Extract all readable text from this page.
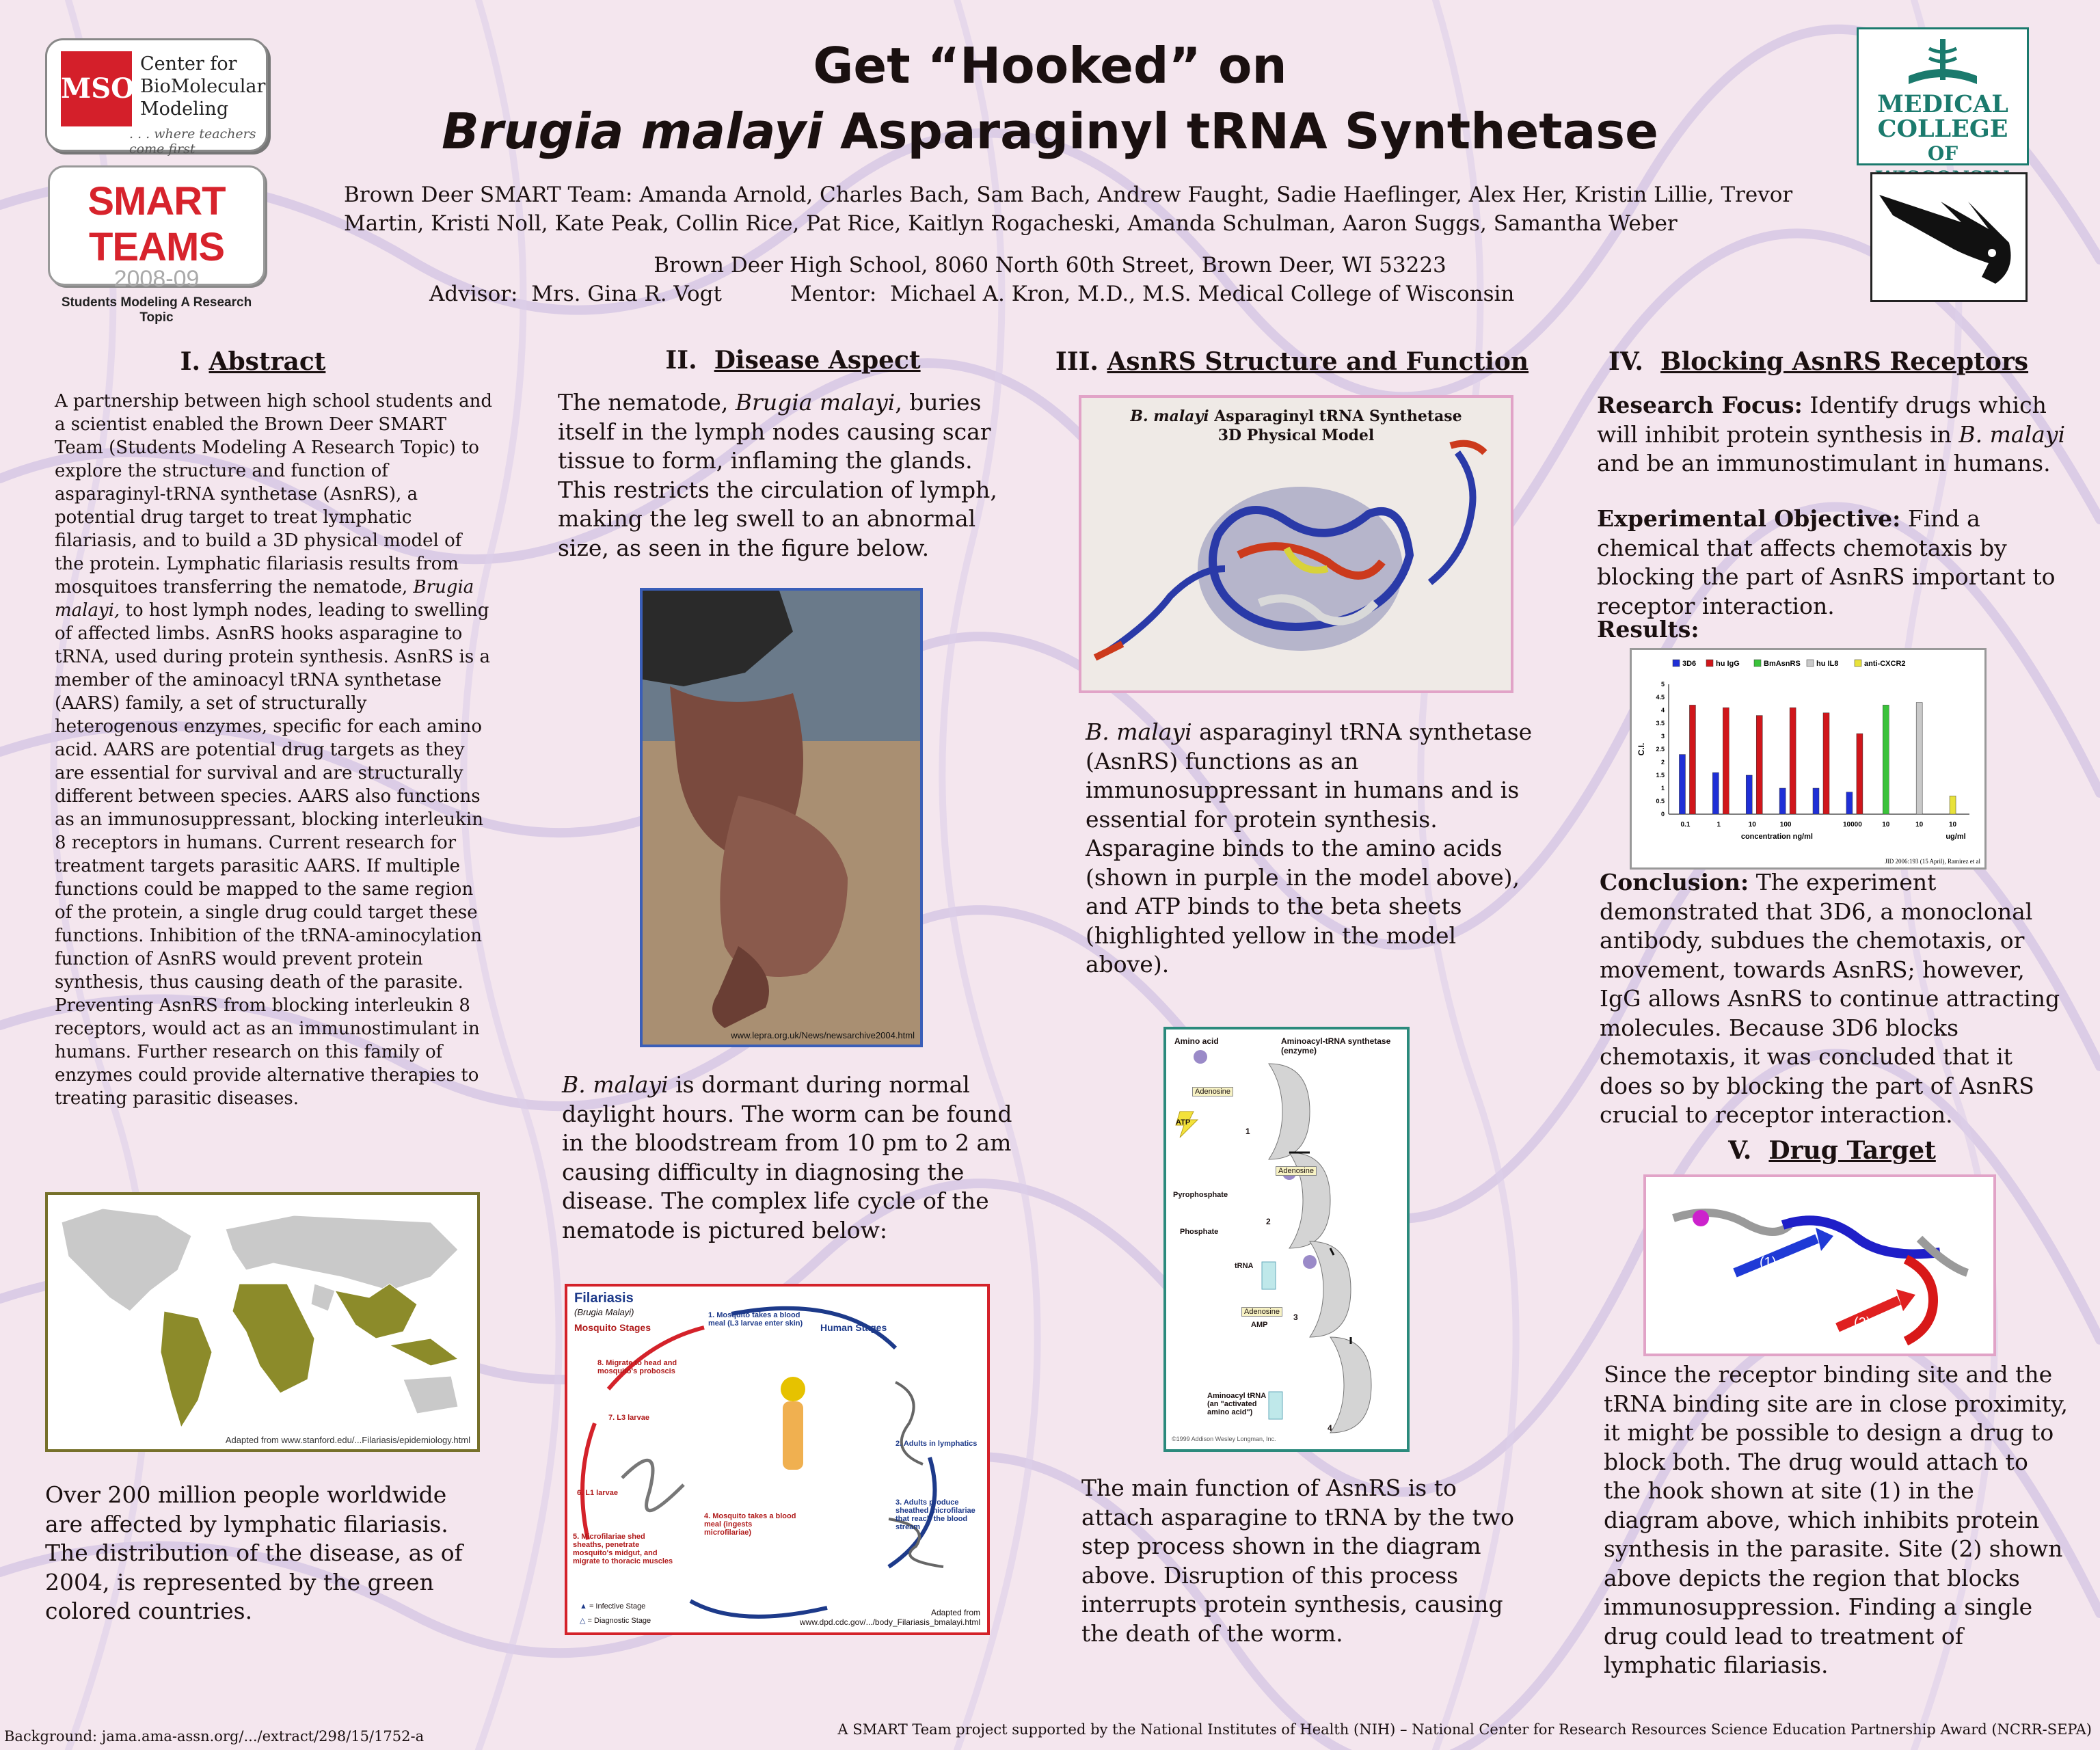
MSOE
Center for
BioMolecular
Modeling
. . . where teachers come first
SMART TEAMS
2008-09
Students Modeling A Research Topic
MEDICAL
COLLEGE
OF
Get “Hooked” on
Brugia malayi Asparaginyl tRNA Synthetase
Brown Deer SMART Team: Amanda Arnold, Charles Bach, Sam Bach, Andrew Faught, Sadie Haeflinger, Alex Her, Kristin Lillie, Trevor
Martin, Kristi Noll, Kate Peak, Collin Rice, Pat Rice, Kaitlyn Rogacheski, Amanda Schulman, Aaron Suggs, Samantha Weber
Brown Deer High School, 8060 North 60th Street, Brown Deer, WI 53223
Advisor:  Mrs. Gina R. Vogt	Mentor:  Michael A. Kron, M.D., M.S. Medical College of Wisconsin
I. Abstract
A partnership between high school students and a scientist enabled the Brown Deer SMART Team (Students Modeling A Research Topic) to explore the structure and function of asparaginyl-tRNA synthetase (AsnRS), a potential drug target to treat lymphatic filariasis, and to build a 3D physical model of the protein. Lymphatic filariasis results from mosquitoes transferring the nematode, Brugia malayi, to host lymph nodes, leading to swelling of affected limbs. AsnRS hooks asparagine to tRNA, used during protein synthesis. AsnRS is a member of the aminoacyl tRNA synthetase (AARS) family, a set of structurally heterogenous enzymes, specific for each amino acid. AARS are potential drug targets as they are essential for survival and are structurally different between species. AARS also functions as an immunosuppressant, blocking interleukin 8 receptors in humans. Current research for treatment targets parasitic AARS. If multiple functions could be mapped to the same region of the protein, a single drug could target these functions. Inhibition of the tRNA-aminocylation function of AsnRS would prevent protein synthesis, thus causing death of the parasite. Preventing AsnRS from blocking interleukin 8 receptors, would act as an immunostimulant in humans. Further research on this family of enzymes could provide alternative therapies to treating parasitic diseases.
Adapted from www.stanford.edu/...Filariasis/epidemiology.html
Over 200 million people worldwide are affected by lymphatic filariasis. The distribution of the disease, as of 2004, is represented by the green colored countries.
II. Disease Aspect
The nematode, Brugia malayi, buries itself in the lymph nodes causing scar tissue to form, inflaming the glands. This restricts the circulation of lymph, making the leg swell to an abnormal size, as seen in the figure below.
www.lepra.org.uk/News/newsarchive2004.html
B. malayi is dormant during normal daylight hours. The worm can be found in the bloodstream from 10 pm to 2 am causing difficulty in diagnosing the disease. The complex life cycle of the nematode is pictured below:
Filariasis
(Brugia Malayi)
Mosquito Stages	Human Stages
1. Mosquito takes a blood meal (L3 larvae enter skin)
2. Adults in lymphatics
3. Adults produce sheathed microfilariae that reach the blood stream
4. Mosquito takes a blood meal (ingests microfilariae)
5. Microfilariae shed sheaths, penetrate mosquito's midgut, and migrate to thoracic muscles
6. L1 larvae
7. L3 larvae
8. Migrate to head and mosquito's proboscis
▲ = Infective Stage
△ = Diagnostic Stage
Adapted from
www.dpd.cdc.gov/.../body_Filariasis_bmalayi.html
III. AsnRS Structure and Function
B. malayi Asparaginyl tRNA Synthetase
3D Physical Model
B. malayi asparaginyl tRNA synthetase (AsnRS) functions as an immunosuppressant in humans and is essential for protein synthesis. Asparagine binds to the amino acids (shown in purple in the model above), and ATP binds to the beta sheets (highlighted yellow in the model above).
Amino acid	Aminoacyl-tRNA synthetase (enzyme)
Adenosine
ATP
1
Adenosine
Pyrophosphate
Phosphate
2
tRNA
Adenosine
AMP
3
Aminoacyl tRNA (an "activated amino acid")
4
©1999 Addison Wesley Longman, Inc.
The main function of AsnRS is to attach asparagine to tRNA by the two step process shown in the diagram above. Disruption of this process interrupts protein synthesis, causing the death of the worm.
IV. Blocking AsnRS Receptors
Research Focus: Identify drugs which will inhibit protein synthesis in B. malayi and be an immunostimulant in humans.
Experimental Objective: Find a chemical that affects chemotaxis by blocking the part of AsnRS important to receptor interaction.
Results:
3D6	hu IgG	BmAsnRS hu IL8	anti-CXCR2
0
0.5
1
1.5
2
2.5
3
3.5
4
4.5
5
C.I.
0.1	1	10	100	10000	10	10	10
concentration ng/ml	ug/ml
JID 2006:193 (15 April), Ramirez et al
Conclusion: The experiment demonstrated that 3D6, a monoclonal antibody, subdues the chemotaxis, or movement, towards AsnRS; however, IgG allows AsnRS to continue attracting molecules. Because 3D6 blocks chemotaxis, it was concluded that it does so by blocking the part of AsnRS crucial to receptor interaction.
V. Drug Target
(1)
(2)
Since the receptor binding site and the tRNA binding site are in close proximity, it might be possible to design a drug to block both. The drug would attach to the hook shown at site (1) in the diagram above, which inhibits protein synthesis in the parasite. Site (2) shown above depicts the region that blocks immunosuppression. Finding a single drug could lead to treatment of lymphatic filariasis.
Background: jama.ama-assn.org/.../extract/298/15/1752-a	A SMART Team project supported by the National Institutes of Health (NIH) – National Center for Research Resources Science Education Partnership Award (NCRR-SEPA)
